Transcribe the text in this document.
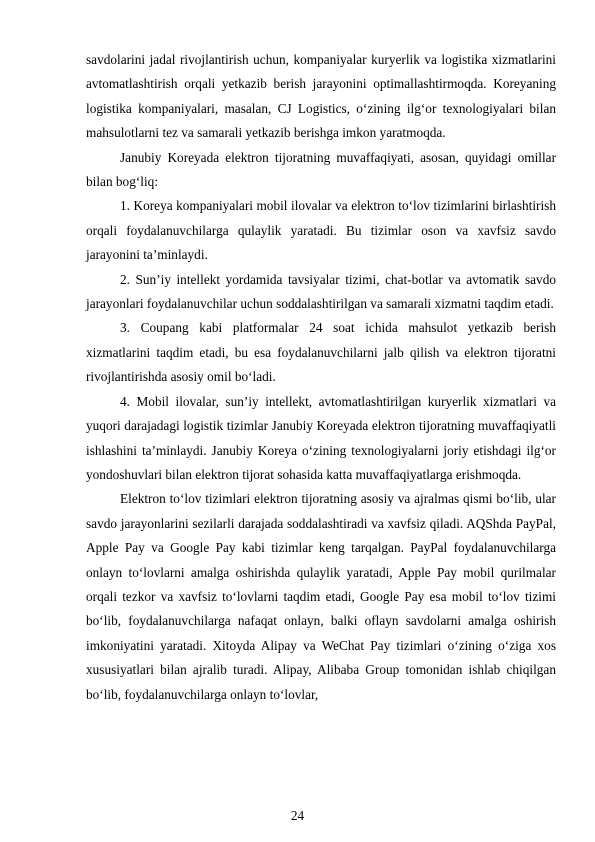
savdolarini jadal rivojlantirish uchun, kompaniyalar kuryerlik va logistika xizmatlarini avtomatlashtirish orqali yetkazib berish jarayonini optimallashtirmoqda. Koreyaning logistika kompaniyalari, masalan, CJ Logistics, o‘zining ilg‘or texnologiyalari bilan mahsulotlarni tez va samarali yetkazib berishga imkon yaratmoqda.

Janubiy Koreyada elektron tijoratning muvaffaqiyati, asosan, quyidagi omillar bilan bog‘liq:

1. Koreya kompaniyalari mobil ilovalar va elektron to‘lov tizimlarini birlashtirish orqali foydalanuvchilarga qulaylik yaratadi. Bu tizimlar oson va xavfsiz savdo jarayonini ta’minlaydi.

2. Sun’iy intellekt yordamida tavsiyalar tizimi, chat-botlar va avtomatik savdo jarayonlari foydalanuvchilar uchun soddalashtirilgan va samarali xizmatni taqdim etadi.

3. Coupang kabi platformalar 24 soat ichida mahsulot yetkazib berish xizmatlarini taqdim etadi, bu esa foydalanuvchilarni jalb qilish va elektron tijoratni rivojlantirishda asosiy omil bo‘ladi.

4. Mobil ilovalar, sun’iy intellekt, avtomatlashtirilgan kuryerlik xizmatlari va yuqori darajadagi logistik tizimlar Janubiy Koreyada elektron tijoratning muvaffaqiyatli ishlashini ta’minlaydi. Janubiy Koreya o‘zining texnologiyalarni joriy etishdagi ilg‘or yondoshuvlari bilan elektron tijorat sohasida katta muvaffaqiyatlarga erishmoqda.

Elektron to‘lov tizimlari elektron tijoratning asosiy va ajralmas qismi bo‘lib, ular savdo jarayonlarini sezilarli darajada soddalashtiradi va xavfsiz qiladi. AQShda PayPal, Apple Pay va Google Pay kabi tizimlar keng tarqalgan. PayPal foydalanuvchilarga onlayn to‘lovlarni amalga oshirishda qulaylik yaratadi, Apple Pay mobil qurilmalar orqali tezkor va xavfsiz to‘lovlarni taqdim etadi, Google Pay esa mobil to‘lov tizimi bo‘lib, foydalanuvchilarga nafaqat onlayn, balki oflayn savdolarni amalga oshirish imkoniyatini yaratadi. Xitoyda Alipay va WeChat Pay tizimlari o‘zining o‘ziga xos xususiyatlari bilan ajralib turadi. Alipay, Alibaba Group tomonidan ishlab chiqilgan bo‘lib, foydalanuvchilarga onlayn to‘lovlar,

24
